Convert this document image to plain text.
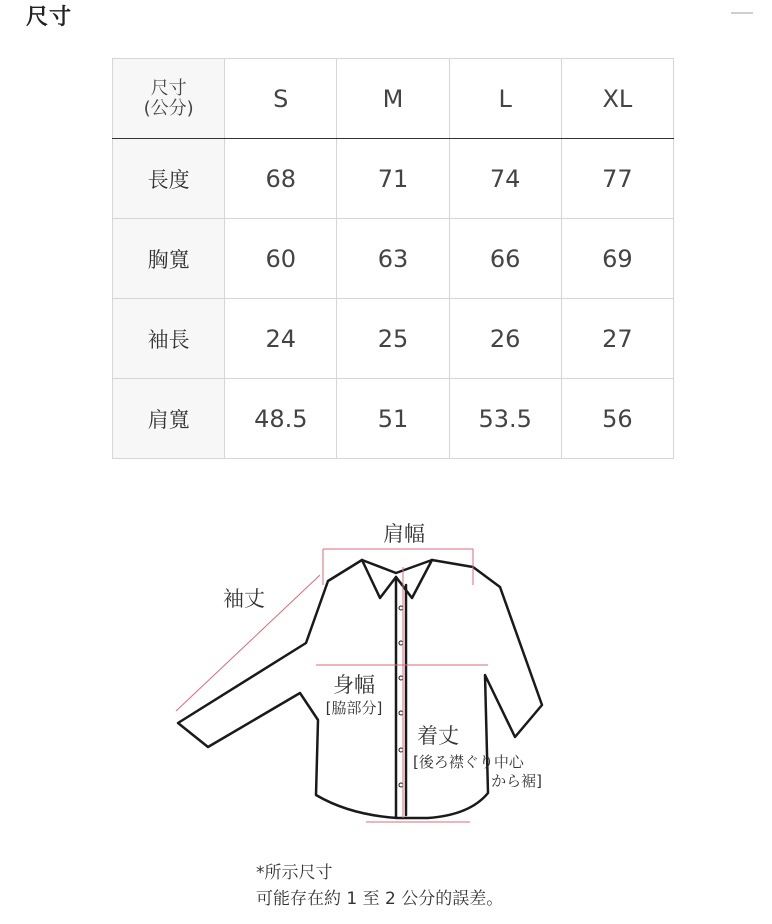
尺寸
尺寸
(公分)	S	M	L	XL
長度	68	71	74	77
胸寬	60	63	66	69
袖長	24	25	26	27
肩寬	48.5	51	53.5	56
肩幅
袖丈
身幅
[脇部分]
着丈
[後ろ襟ぐり中心
から裾]
*所示尺寸
可能存在約 1 至 2 公分的誤差。
